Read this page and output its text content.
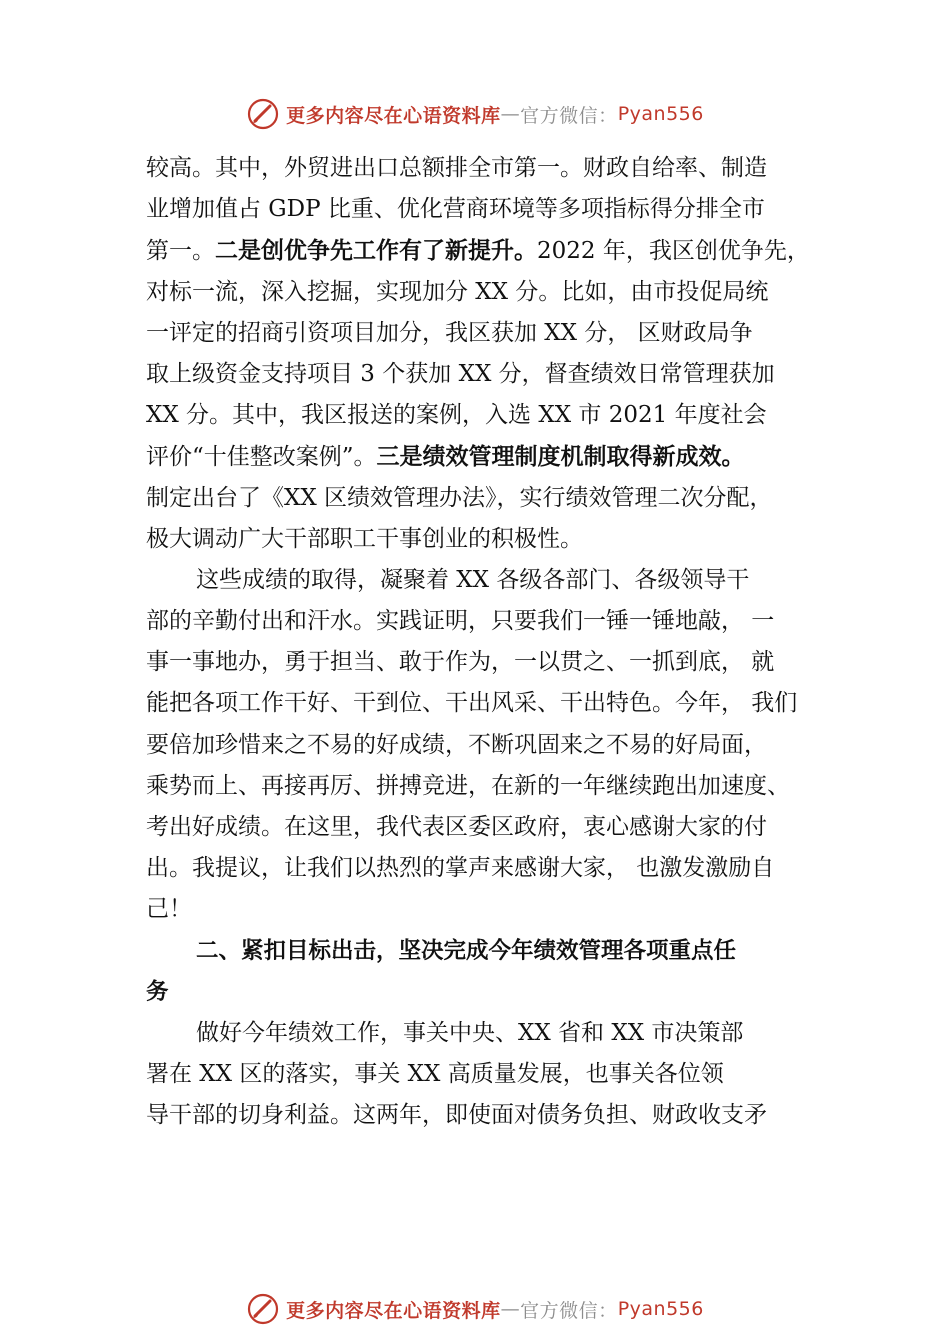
更多内容尽在心语资料库 — 官方微信： Pyan556
较高。其中，外贸进出口总额排全市第一。财政自给率、制造
业增加值占 GDP 比重、优化营商环境等多项指标得分排全市
第一。二是创优争先工作有了新提升。2022 年，我区创优争先，
对标一流，深入挖掘，实现加分 XX 分。比如，由市投促局统
一评定的招商引资项目加分，我区获加 XX 分， 区财政局争
取上级资金支持项目 3 个获加 XX 分，督查绩效日常管理获加
XX 分。其中，我区报送的案例，入选 XX 市 2021 年度社会
评价“十佳整改案例”。三是绩效管理制度机制取得新成效。
制定出台了《XX 区绩效管理办法》，实行绩效管理二次分配，
极大调动广大干部职工干事创业的积极性。
这些成绩的取得，凝聚着 XX 各级各部门、各级领导干
部的辛勤付出和汗水。实践证明，只要我们一锤一锤地敲， 一
事一事地办，勇于担当、敢于作为，一以贯之、一抓到底， 就
能把各项工作干好、干到位、干出风采、干出特色。今年， 我们
要倍加珍惜来之不易的好成绩，不断巩固来之不易的好局面，
乘势而上、再接再厉、拼搏竞进，在新的一年继续跑出加速度、
考出好成绩。在这里，我代表区委区政府，衷心感谢大家的付
出。我提议，让我们以热烈的掌声来感谢大家， 也激发激励自
己！
二、紧扣目标出击，坚决完成今年绩效管理各项重点任
务
做好今年绩效工作，事关中央、XX 省和 XX 市决策部
署在 XX 区的落实，事关 XX 高质量发展，也事关各位领
导干部的切身利益。这两年，即使面对债务负担、财政收支矛
更多内容尽在心语资料库 — 官方微信： Pyan556
